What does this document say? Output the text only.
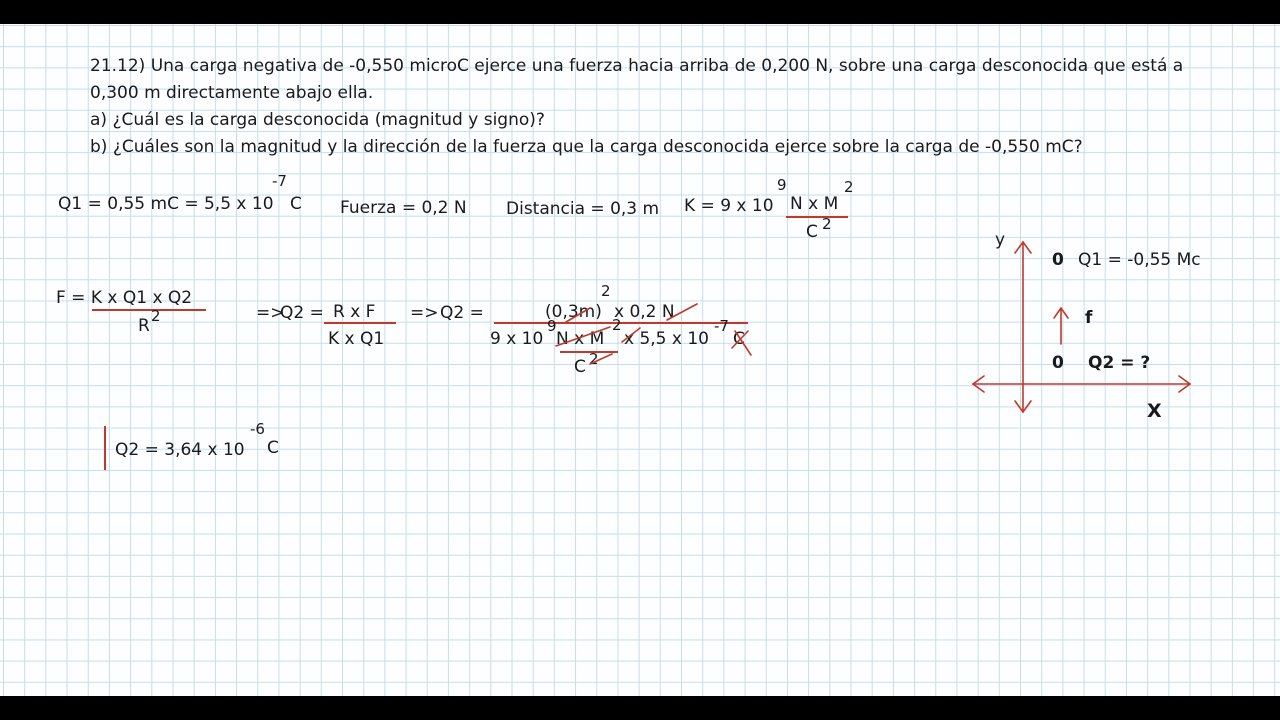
21.12) Una carga negativa de -0,550 microC ejerce una fuerza hacia arriba de 0,200 N, sobre una carga desconocida que está a
0,300 m directamente abajo ella.
a) ¿Cuál es la carga desconocida (magnitud y signo)?
b) ¿Cuáles son la magnitud y la dirección de la fuerza que la carga desconocida ejerce sobre la carga de -0,550 mC?
Q1 = 0,55 mC = 5,5 x 10
-7
C Fuerza = 0,2 N Distancia = 0,3 m K = 9 x 10
9
N x M
2
C 2
F = K x Q1 x Q2
R 2	=>
Q2 = R x F
K x Q1
=> Q2 =	(0,3m)
2
x 0,2 N
9 x 10
9
N x M
2
x 5,5 x 10
-7
C
C 2
Q2 = 3,64 x 10
-6
C
y
0 Q1 = -0,55 Mc
f
0 Q2 = ?
X
